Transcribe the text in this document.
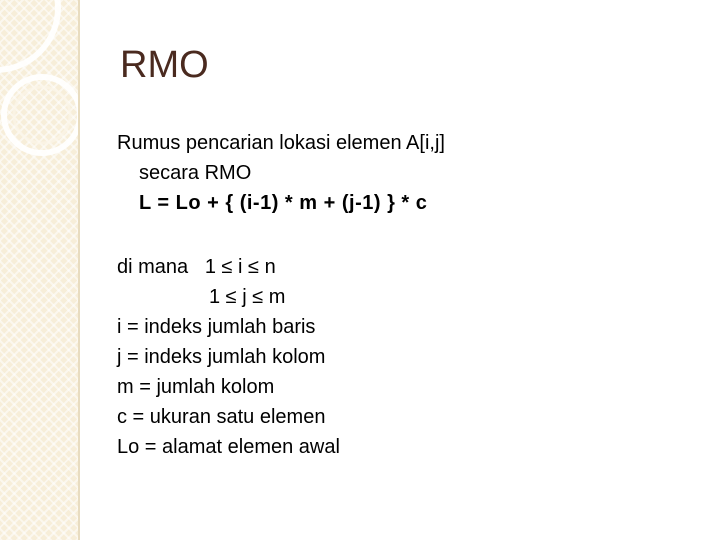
RMO
Rumus pencarian lokasi elemen A[i,j]
secara RMO
L = Lo + { (i-1) * m + (j-1) } * c
di mana   1 ≤ i ≤ n
1 ≤ j ≤ m
i = indeks jumlah baris
j = indeks jumlah kolom
m = jumlah kolom
c = ukuran satu elemen
Lo = alamat elemen awal
